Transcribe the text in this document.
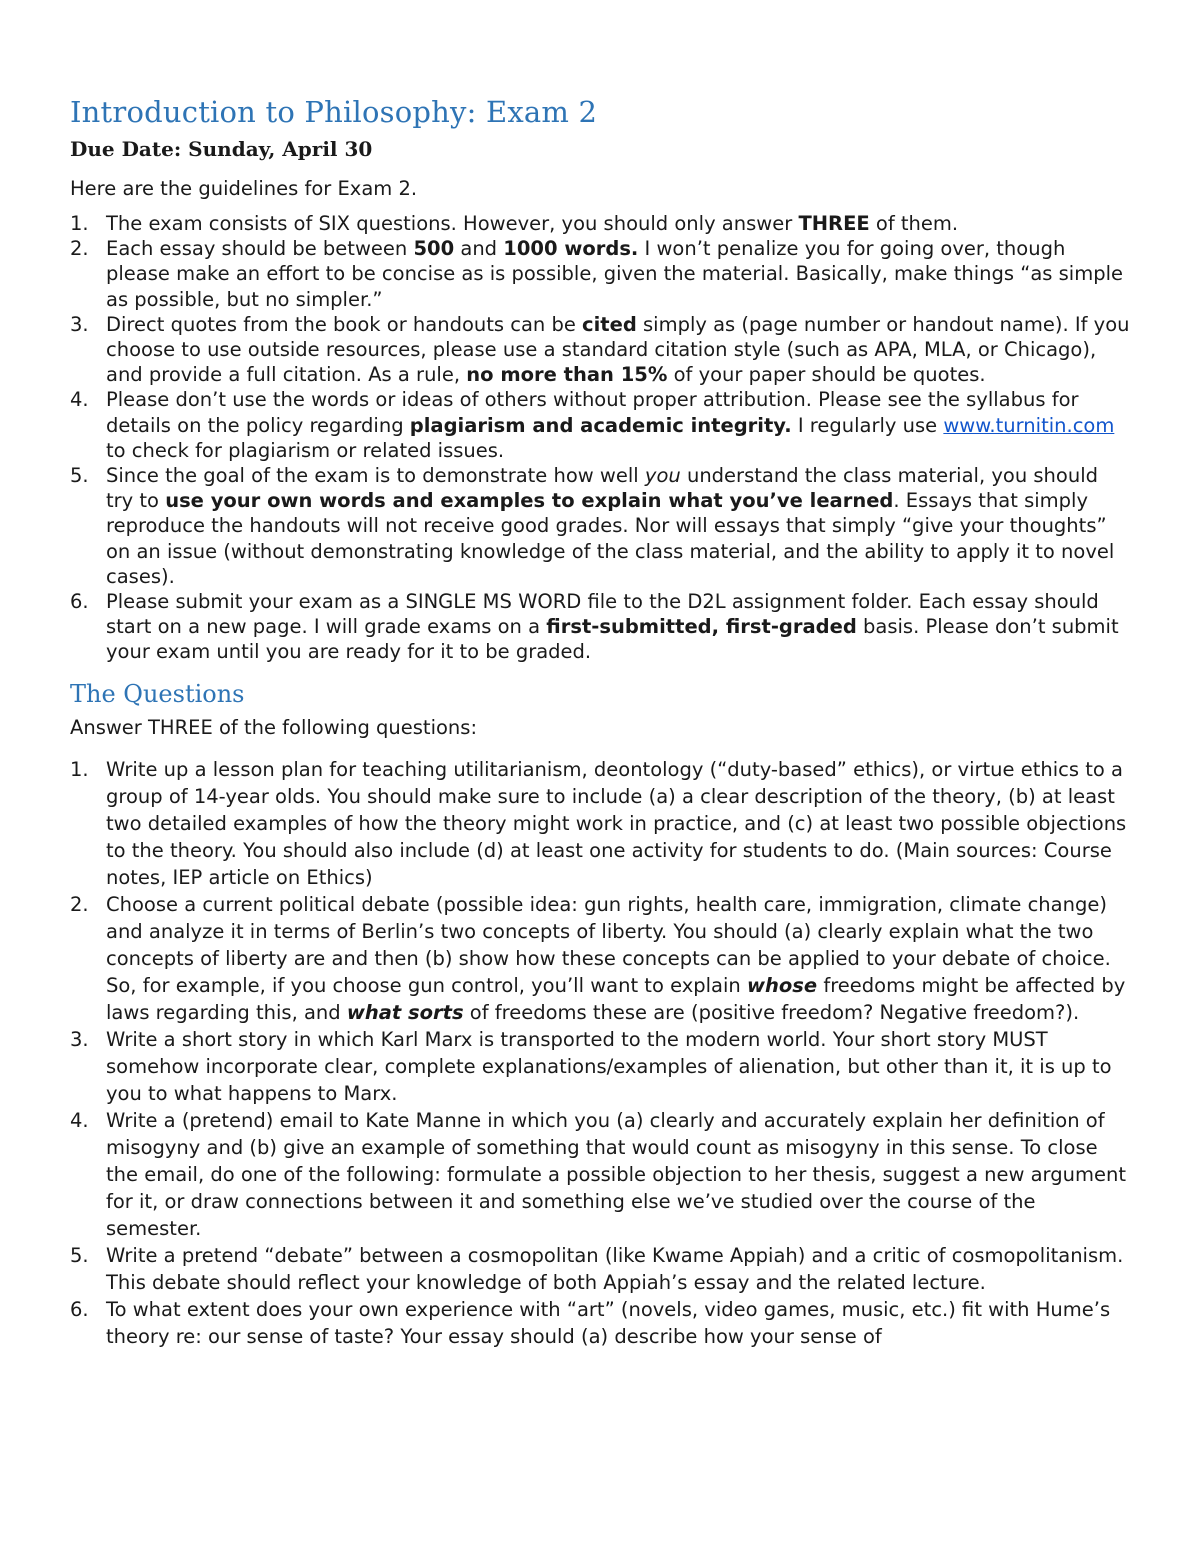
Introduction to Philosophy: Exam 2

Due Date: Sunday, April 30

Here are the guidelines for Exam 2.

1. The exam consists of SIX questions. However, you should only answer THREE of them.
2. Each essay should be between 500 and 1000 words. I won’t penalize you for going over, though please make an effort to be concise as is possible, given the material. Basically, make things “as simple as possible, but no simpler.”
3. Direct quotes from the book or handouts can be cited simply as (page number or handout name). If you choose to use outside resources, please use a standard citation style (such as APA, MLA, or Chicago), and provide a full citation. As a rule, no more than 15% of your paper should be quotes.
4. Please don’t use the words or ideas of others without proper attribution. Please see the syllabus for details on the policy regarding plagiarism and academic integrity. I regularly use www.turnitin.com to check for plagiarism or related issues.
5. Since the goal of the exam is to demonstrate how well you understand the class material, you should try to use your own words and examples to explain what you’ve learned. Essays that simply reproduce the handouts will not receive good grades. Nor will essays that simply “give your thoughts” on an issue (without demonstrating knowledge of the class material, and the ability to apply it to novel cases).
6. Please submit your exam as a SINGLE MS WORD file to the D2L assignment folder. Each essay should start on a new page. I will grade exams on a first-submitted, first-graded basis. Please don’t submit your exam until you are ready for it to be graded.
The Questions

Answer THREE of the following questions:

1. Write up a lesson plan for teaching utilitarianism, deontology (“duty-based” ethics), or virtue ethics to a group of 14-year olds. You should make sure to include (a) a clear description of the theory, (b) at least two detailed examples of how the theory might work in practice, and (c) at least two possible objections to the theory. You should also include (d) at least one activity for students to do. (Main sources: Course notes, IEP article on Ethics)
2. Choose a current political debate (possible idea: gun rights, health care, immigration, climate change) and analyze it in terms of Berlin’s two concepts of liberty. You should (a) clearly explain what the two concepts of liberty are and then (b) show how these concepts can be applied to your debate of choice. So, for example, if you choose gun control, you’ll want to explain whose freedoms might be affected by laws regarding this, and what sorts of freedoms these are (positive freedom? Negative freedom?).
3. Write a short story in which Karl Marx is transported to the modern world. Your short story MUST somehow incorporate clear, complete explanations/examples of alienation, but other than it, it is up to you to what happens to Marx.
4. Write a (pretend) email to Kate Manne in which you (a) clearly and accurately explain her definition of misogyny and (b) give an example of something that would count as misogyny in this sense. To close the email, do one of the following: formulate a possible objection to her thesis, suggest a new argument for it, or draw connections between it and something else we’ve studied over the course of the semester.
5. Write a pretend “debate” between a cosmopolitan (like Kwame Appiah) and a critic of cosmopolitanism. This debate should reflect your knowledge of both Appiah’s essay and the related lecture.
6. To what extent does your own experience with “art” (novels, video games, music, etc.) fit with Hume’s theory re: our sense of taste? Your essay should (a) describe how your sense of
